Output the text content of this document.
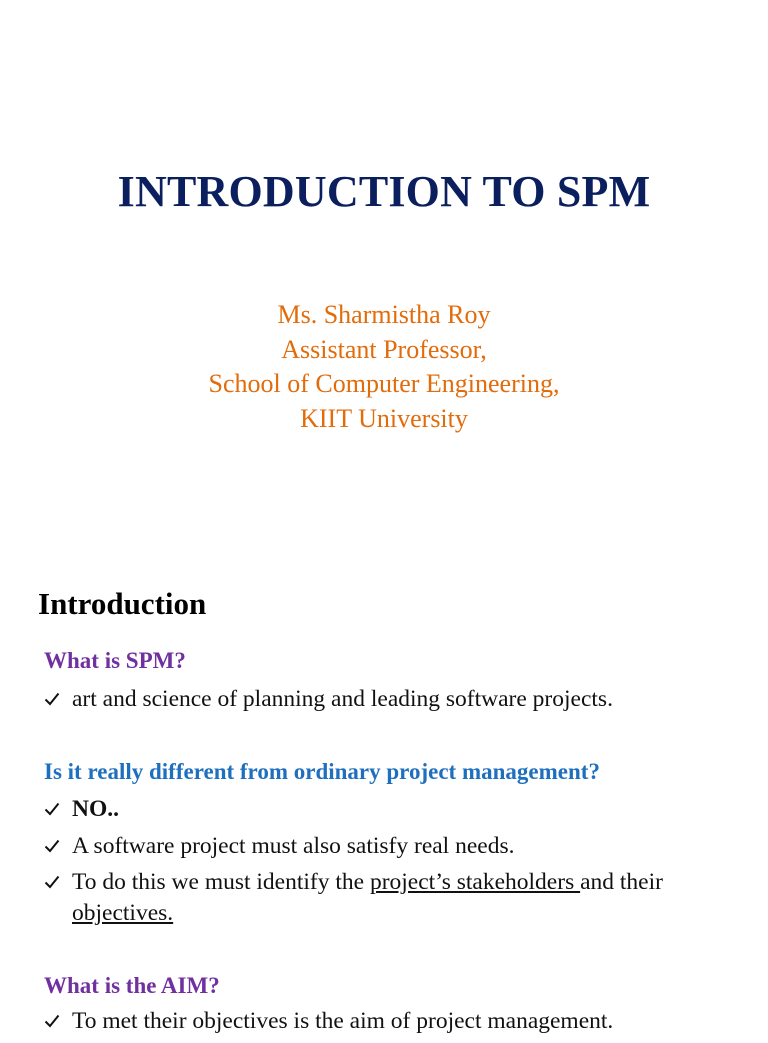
INTRODUCTION TO SPM
Ms. Sharmistha Roy
Assistant Professor,
School of Computer Engineering,
KIIT University
Introduction
What is SPM?
art and science of planning and leading software projects.
Is it really different from ordinary project management?
NO..
A software project must also satisfy real needs.
To do this we must identify the project’s stakeholders and their objectives.
What is the AIM?
To met their objectives is the aim of project management.
